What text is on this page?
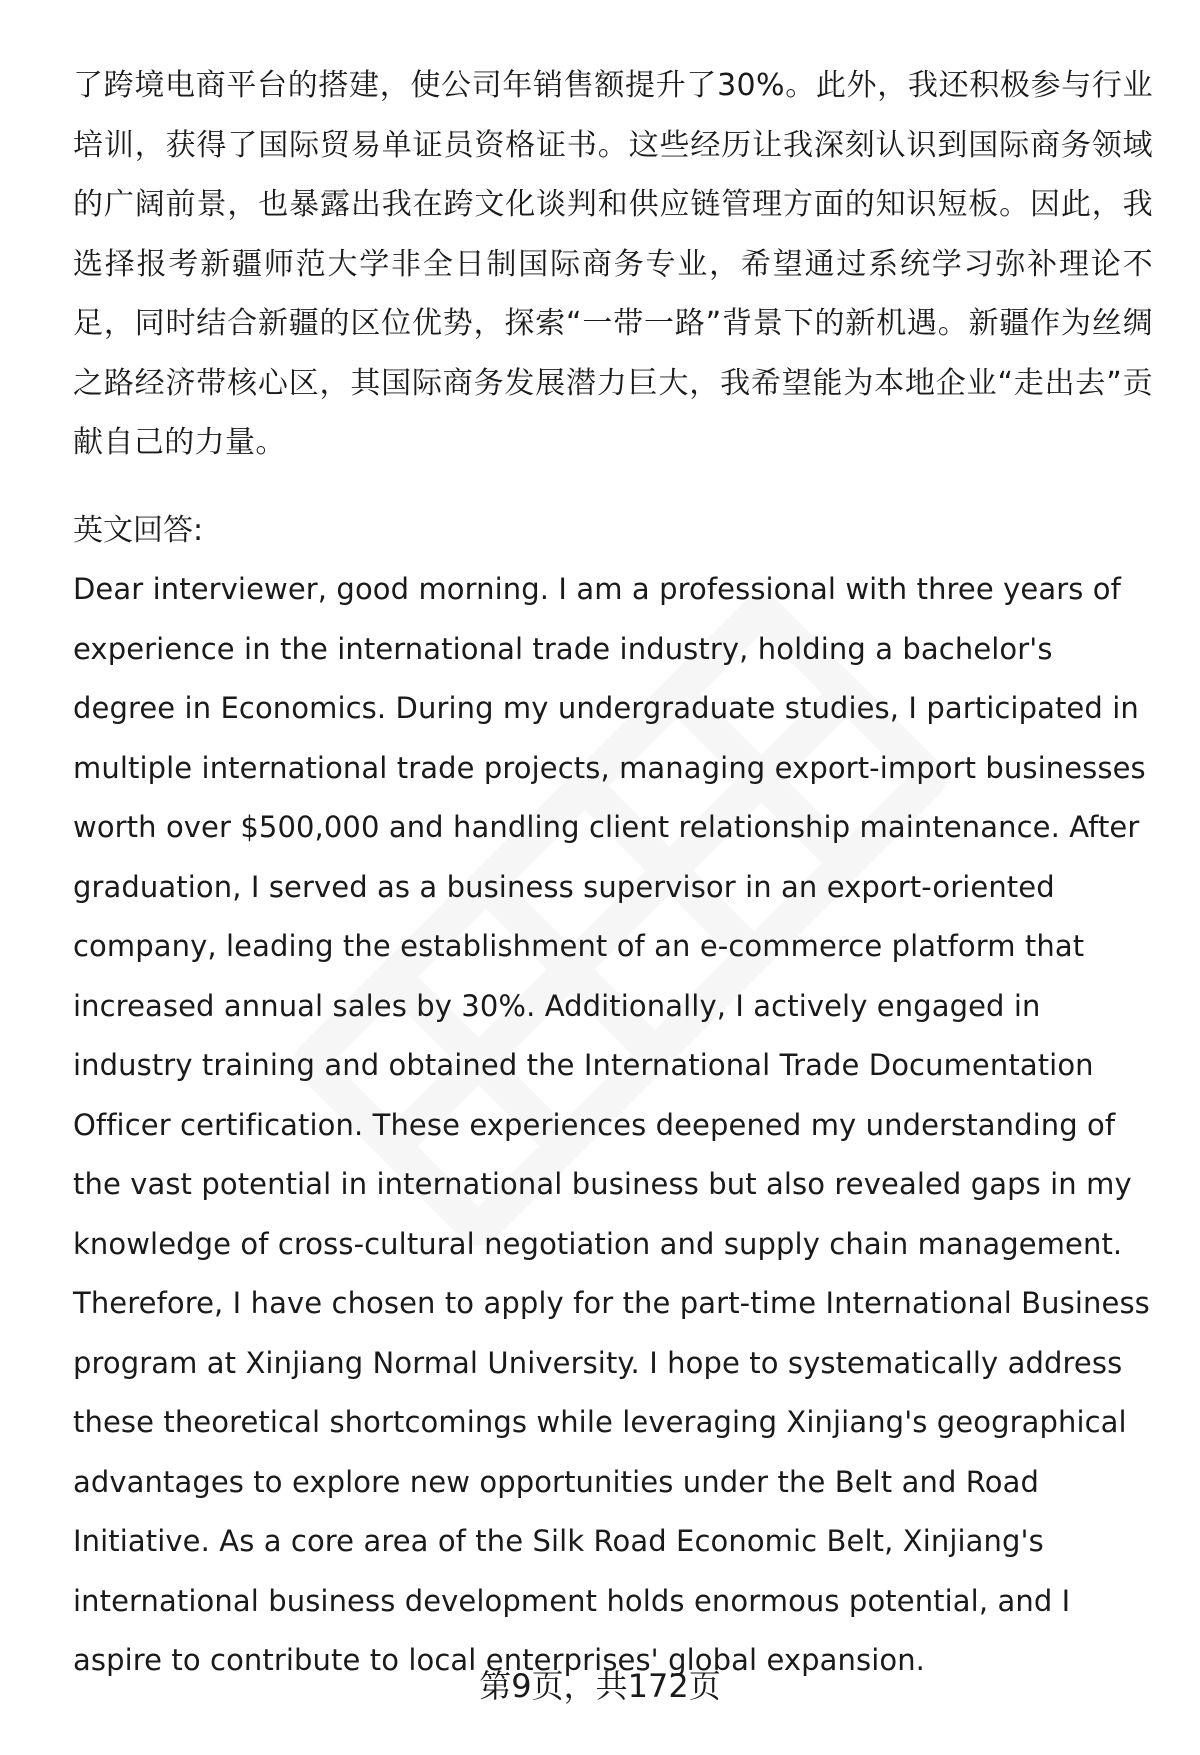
了跨境电商平台的搭建，使公司年销售额提升了30%。此外，我还积极参与行业培训，获得了国际贸易单证员资格证书。这些经历让我深刻认识到国际商务领域的广阔前景，也暴露出我在跨文化谈判和供应链管理方面的知识短板。因此，我选择报考新疆师范大学非全日制国际商务专业，希望通过系统学习弥补理论不足，同时结合新疆的区位优势，探索“一带一路”背景下的新机遇。新疆作为丝绸之路经济带核心区，其国际商务发展潜力巨大，我希望能为本地企业“走出去”贡献自己的力量。

英文回答:

Dear interviewer, good morning. I am a professional with three years of experience in the international trade industry, holding a bachelor's degree in Economics. During my undergraduate studies, I participated in multiple international trade projects, managing export-import businesses worth over $500,000 and handling client relationship maintenance. After graduation, I served as a business supervisor in an export-oriented company, leading the establishment of an e-commerce platform that increased annual sales by 30%. Additionally, I actively engaged in industry training and obtained the International Trade Documentation Officer certification. These experiences deepened my understanding of the vast potential in international business but also revealed gaps in my knowledge of cross-cultural negotiation and supply chain management. Therefore, I have chosen to apply for the part-time International Business program at Xinjiang Normal University. I hope to systematically address these theoretical shortcomings while leveraging Xinjiang's geographical advantages to explore new opportunities under the Belt and Road Initiative. As a core area of the Silk Road Economic Belt, Xinjiang's international business development holds enormous potential, and I aspire to contribute to local enterprises' global expansion.

第9页，共172页
